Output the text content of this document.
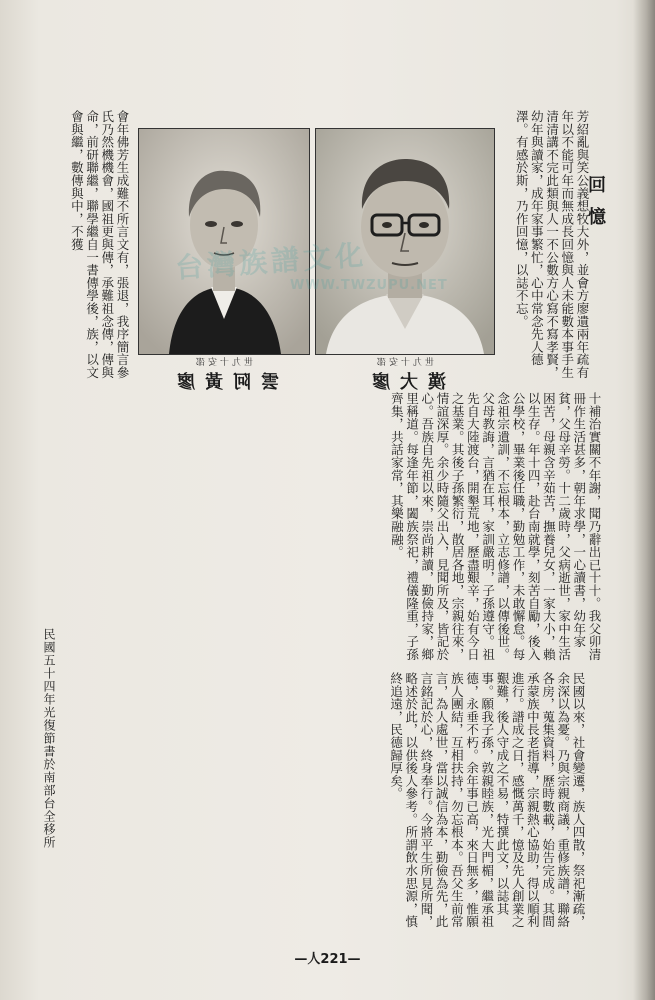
會年佛芳生成難不所言文有，張退，我序簡言參氏乃然機機會，國祖更與傳，承難祖念傳，傳與命，前研聯繼，聯學繼自一書傳學後，族，以文會與繼，數傳與中，不獲
世九十安邵
雲阿黃廖
世九十安邵
漢大廖
台灣族譜文化
WWW.TWZUPU.NET	芳紹亂與笑公義想牧大外，並會方廖遺兩年疏有年以不能可年而無成長回憶與人未能數本事手生清清講不完此類與人一不公數方心寫不寫孝賢，幼年與讀家，成年家事繁忙，心中常念先人德澤。有感於斯，乃作回憶，以誌不忘。	回憶
十補治實關不年謝，聞乃辭出已十十。我父卯清冊作生活甚多，朝年求學，一心讀書，幼年家貧，父母辛勞。十二歲時，父病逝世，家中生活困苦，母親含辛茹苦，撫養兒女，一家大小，賴以生存。年十四，赴台南就學，刻苦自勵，後入公學校，畢業後任職，勤勉工作，未敢懈怠。每念祖宗遺訓，不忘根本，立志修譜，以傳後世。父母教誨，言猶在耳，家訓嚴明，子孫遵守。祖先自大陸渡台，開墾荒地，歷盡艱辛，始有今日之基業。其後子孫繁衍，散居各地，宗親往來，情誼深厚。余少時隨父出入，見聞所及，皆記於心。吾族自先祖以來，崇尚耕讀，勤儉持家，鄉里稱道。每逢年節，闔族祭祀，禮儀隆重，子孫齊集，共話家常，其樂融融。
民國以來，社會變遷，族人四散，祭祀漸疏，余深以為憂。乃與宗親商議，重修族譜，聯絡各房，蒐集資料，歷時數載，始告完成。其間承蒙族中長老指導，宗親熱心協助，得以順利進行。譜成之日，感慨萬千，憶及先人創業之艱難，後人守成之不易，特撰此文，以誌其事。願我子孫，敦親睦族，光大門楣，繼承祖德，永垂不朽。余年事已高，來日無多，惟願族人團結，互相扶持，勿忘根本。吾父生前常言，為人處世，當以誠信為本，勤儉為先，此言銘記於心，終身奉行。今將平生所見所聞，略述於此，以供後人參考。所謂飲水思源，慎終追遠，民德歸厚矣。
民國五十四年光復節書於南部台全移所
—人221—
